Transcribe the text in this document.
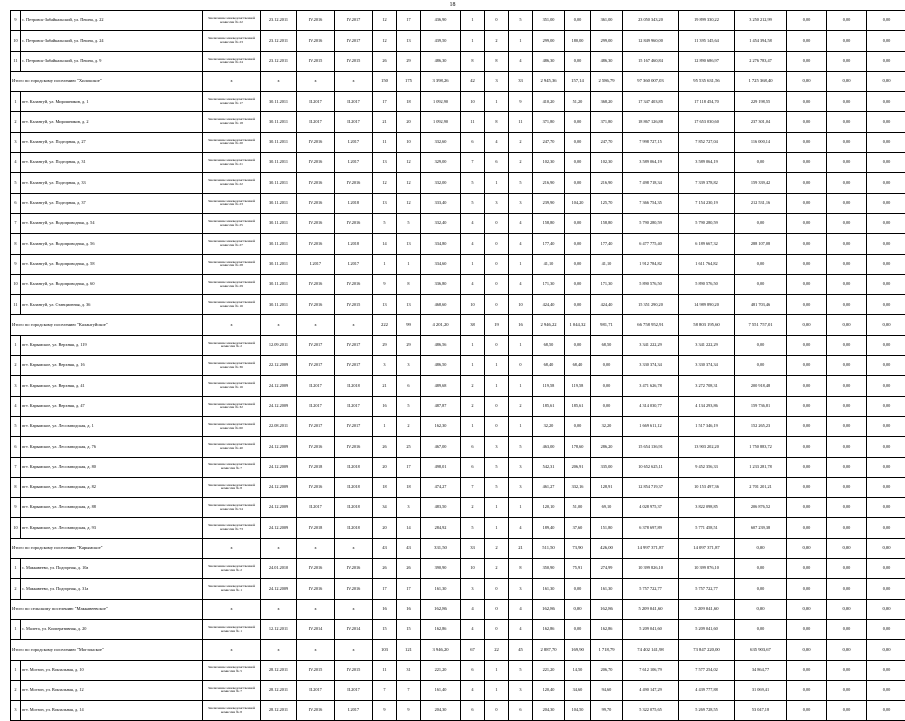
18
9	с. Петровск-Забайкальский, ул. Пешна, д. 22	Заключение межведомственной комиссии № 22	23.12.2011	IV.2016	IV.2017	12	17	436,90	1	0	5	351,00	0,00	361,00	23 050 343,20	19 899 330,22	3 250 212,99	0,00	0,00	0,00
10	с. Петровск-Забайкальский, ул. Пешна, д. 24	Заключение межведомственной комиссии № 23	23.12.2011	IV.2016	IV.2017	12	13	439,50	1	2	1	299,00	180,00	299,00	12 849 960,00	11 395 145,64	1 454 394,58	0,00	0,00	0,00
11	с. Петровск-Забайкальский, ул. Пешна, д. 9	Заключение межведомственной комиссии № 24	23.12.2011	IV.2015	IV.2015	26	29	486,30	8	8	4	486,30	0,00	486,30	15 167 460,84	12 890 686,97	2 276 783,47	0,00	0,00	0,00
Итого по городскому поселению "Хилокское"		х	х	х	х	150	175	3 398,26	42	3	33	2 945,36	157,14	2 586,79	97 360 007,03	95 535 631,56	1 725 368,40	0,00	0,00	0,00
1	пгт. Калангуй, ул. Мирошников, д. 1	Заключение межведомственной комиссии № 17	30.11.2011	II.2017	II.2017	17	18	1 092,90	10	1	9	410,20	51,20	368,20	17 347 403,85	17 118 454,70	229 198,55	0,00	0,00	0,00
2	пгт. Калангуй, ул. Мирошников, д. 2	Заключение межведомственной комиссии № 18	30.11.2011	II.2017	II.2017	21	20	1 092,90	11	8	11	371,80	0,00	371,80	18 867 126,88	17 653 030,60	237 301,04	0,00	0,00	0,00
3	пгт. Калангуй, ул. Подгорная, д. 27	Заключение межведомственной комиссии № 20	30.11.2011	IV.2016	I.2017	11	10	332,60	6	4	2	247,70	0,00	247,70	7 998 727,15	7 852 727,04	116 000,14	0,00	0,00	0,00
4	пгт. Калангуй, ул. Подгорная, д. 31	Заключение межведомственной комиссии № 21	30.11.2011	IV.2016	I.2017	13	12	329,00	7	6	2	102,30	0,00	102,30	3 589 064,19	3 589 064,19	0,00	0,00	0,00	0,00
5	пгт. Калангуй, ул. Подгорная, д. 33	Заключение межведомственной комиссии № 22	30.11.2011	IV.2016	IV.2016	12	12	332,00	5	1	5	216,90	0,00	216,90	7 498 718,34	7 339 378,82	159 339,42	0,00	0,00	0,00
6	пгт. Калангуй, ул. Подгорная, д. 37	Заключение межведомственной комиссии № 23	30.11.2011	IV.2016	I.2018	13	12	333,40	5	3	3	239,90	104,20	125,70	7 366 754,35	7 154 230,19	212 531,16	0,00	0,00	0,00
7	пгт. Калангуй, ул. Водопроводная, д. 54	Заключение межведомственной комиссии № 25	30.11.2011	IV.2016	IV.2016	5	5	332,40	4	0	4	158,80	0,00	158,80	5 790 280,59	5 790 280,59	0,00	0,00	0,00	0,00
8	пгт. Калангуй, ул. Водопроводная, д. 56	Заключение межведомственной комиссии № 27	30.11.2011	IV.2016	I.2018	14	13	334,80	4	0	4	177,40	0,00	177,40	6 477 775,40	6 189 667,32	288 107,08	0,00	0,00	0,00
9	пгт. Калангуй, ул. Водопроводная, д. 58	Заключение межведомственной комиссии № 28	30.11.2011	I.2017	I.2017	1	1	334,60	1	0	1	41,10	0,00	41,10	1 912 784,82	1 611 764,82	0,00	0,00	0,00	0,00
10	пгт. Калангуй, ул. Водопроводная, д. 60	Заключение межведомственной комиссии № 29	30.11.2011	IV.2016	IV.2016	9	8	336,80	4	0	4	171,30	0,00	171,30	5 890 576,50	5 890 576,50	0,00	0,00	0,00	0,00
11	пгт. Калангуй, ул. Станционная, д. 36	Заключение межведомственной комиссии № 16	30.11.2011	IV.2016	IV.2015	13	13	468,60	10	0	10	424,40	0,00	424,40	15 351 290,20	14 989 890,20	481 703,46	0,00	0,00	0,00
Итого по городскому поселению "Калангуйское"		х	х	х	х	222	99	4 201,20	38	19	16	2 946,22	1 044,32	981,71	66 758 952,91	58 803 195,60	7 551 757,01	0,00	0,00	0,00
1	пгт. Карымское, ул. Верхняя, д. 119	Заключение межведомственной комиссии № 2	12.09.2011	IV.2017	IV.2017	29	29	486,56	1	0	1	68,50	0,00	68,50	3 341 222,29	3 341 222,29	0,00	0,00	0,00	0,00
2	пгт. Карымское, ул. Верхняя, д. 16	Заключение межведомственной комиссии № 36	22.12.2009	IV.2017	IV.2017	3	3	486,50	1	1	0	68,40	68,40	0,00	3 330 374,34	3 330 374,34	0,00	0,00	0,00	0,00
3	пгт. Карымское, ул. Верхняя, д. 41	Заключение межведомственной комиссии № 16	24.12.2009	II.2017	II.2018	21	6	489,68	2	1	1	119,58	119,58	0,00	3 471 626,78	3 272 708,31	200 918,48	0,00	0,00	0,00
4	пгт. Карымское, ул. Верхняя, д. 47	Заключение межведомственной комиссии № 32	24.12.2009	II.2017	II.2017	16	5	487,87	2	0	2	185,61	185,61	0,00	4 314 030,77	4 134 293,86	159 736,81	0,00	0,00	0,00
5	пгт. Карымское, ул. Лесозаводская, д. 1	Заключение межведомственной комиссии № 60	22.08.2011	IV.2017	IV.2017	1	2	162,30	1	0	1	32,20	0,00	32,20	1 669 611,12	1 517 346,19	152 265,23	0,00	0,00	0,00
6	пгт. Карымское, ул. Лесозаводская, д. 76	Заключение межведомственной комиссии № 40	24.12.2009	IV.2016	IV.2016	26	25	467,00	6	3	5	463,00	178,60	286,20	15 654 136,91	13 903 202,20	1 750 883,72	0,00	0,00	0,00
7	пгт. Карымское, ул. Лесозаводская, д. 80	Заключение межведомственной комиссии № 7	24.12.2009	IV.2018	II.2018	20	17	498,01	6	5	3	542,31	206,91	335,00	10 652 625,11	9 452 356,33	1 233 281,78	0,00	0,00	0,00
8	пгт. Карымское, ул. Лесозаводская, д. 82	Заключение межведомственной комиссии № 8	24.12.2009	IV.2016	II.2018	18	18	474,27	7	5	3	461,27	332,16	128,91	12 854 719,37	10 153 497,36	2 701 201,21	0,00	0,00	0,00
9	пгт. Карымское, ул. Лесозаводская, д. 88	Заключение межведомственной комиссии № 54	24.12.2009	II.2017	II.2018	34	3	483,50	2	1	1	120,10	51,00	69,10	4 028 975,37	3 822 098,85	206 876,52	0,00	0,00	0,00
10	пгт. Карымское, ул. Лесозаводская, д. 93	Заключение межведомственной комиссии № 73	24.12.2009	IV.2018	II.2018	20	14	284,92	5	1	4	189,40	37,60	151,80	6 378 697,89	5 771 458,51	607 239,38	0,00	0,00	0,00
Итого по городскому поселению "Карымское"		х	х	х	х	43	43	331,50	33	2	21	511,50	73,90	426,00	14 997 371,87	14 097 371,87	0,00	0,00	0,00	0,00
1	с. Маккавеево, ул. Подгорная, д. 10а	Заключение межведомственной комиссии № 2	24.01.2010	IV.2016	IV.2016	26	26	390,90	10	2	8	350,90	75,91	274,99	10 399 826,10	10 399 876,10	0,00	0,00	0,00	0,00
2	с. Маккавеево, ул. Подгорная, д. 31а	Заключение межведомственной комиссии № 1	24.12.2009	IV.2016	IV.2016	17	17	161,30	3	0	3	161,30	0,00	161,30	5 757 722,77	5 757 722,77	0,00	0,00	0,00	0,00
Итого по сельскому поселению "Маккавеевское"		х	х	х	х	16	16	162,86	4	0	4	162,86	0,00	162,86	5 209 041,60	5 209 041,60	0,00	0,00	0,00	0,00
1	с. Малета, ул. Кооперативная, д. 20	Заключение межведомственной комиссии № 1	12.12.2011	IV.2014	IV.2014	15	15	162,86	4	0	4	162,86	0,00	162,86	5 209 041,60	5 209 041,60	0,00	0,00	0,00	0,00
Итого по городскому поселению "Могзонское"		х	х	х	х	103	121	3 946,20	67	22	45	2 887,70	169,90	1 718,79	74 402 141,98	73 847 220,00	635 903,67	0,00	0,00	0,00
1	пгт. Могзон, ул. Вокзальная, д. 10	Заключение межведомственной комиссии № 5	28.12.2011	IV.2015	IV.2015	11	31	221,20	6	1	5	221,20	14,50	206,70	7 612 106,79	7 577 254,02	34 864,77	0,00	0,00	0,00
2	пгт. Могзон, ул. Вокзальная, д. 12	Заключение межведомственной комиссии № 7	28.12.2011	II.2017	II.2017	7	7	161,40	4	1	3	120,40	34,60	94,60	4 490 147,29	4 439 777,88	31 069,41	0,00	0,00	0,00
3	пгт. Могзон, ул. Вокзальная, д. 14	Заключение межведомственной комиссии № 8	28.12.2011	IV.2016	I.2017	9	9	204,30	6	0	6	204,30	104,50	99,70	5 322 075,65	5 269 728,55	53 047,18	0,00	0,00	0,00
